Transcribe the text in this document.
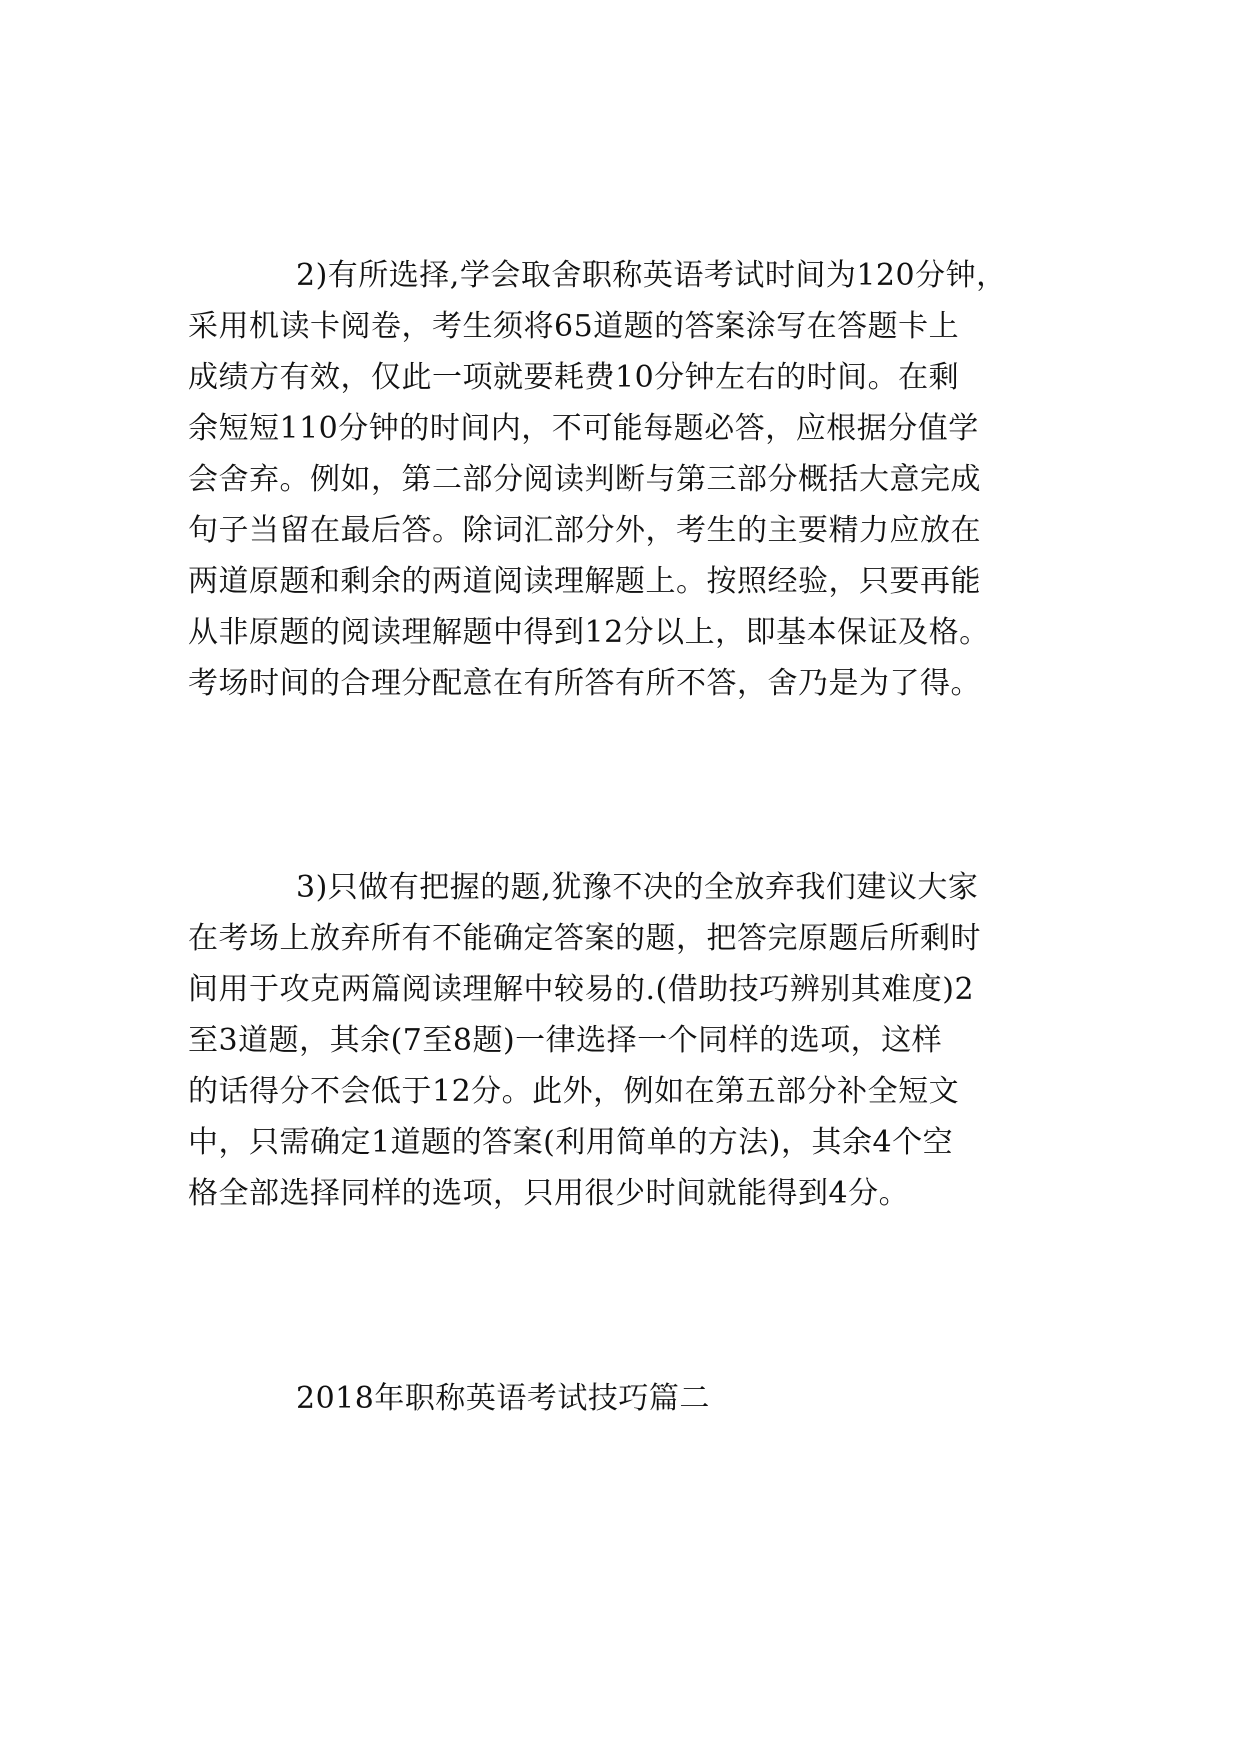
2)有所选择,学会取舍职称英语考试时间为120分钟，
采用机读卡阅卷，考生须将65道题的答案涂写在答题卡上
成绩方有效，仅此一项就要耗费10分钟左右的时间。在剩
余短短110分钟的时间内，不可能每题必答，应根据分值学
会舍弃。例如，第二部分阅读判断与第三部分概括大意完成
句子当留在最后答。除词汇部分外，考生的主要精力应放在
两道原题和剩余的两道阅读理解题上。按照经验，只要再能
从非原题的阅读理解题中得到12分以上，即基本保证及格。
考场时间的合理分配意在有所答有所不答，舍乃是为了得。
3)只做有把握的题,犹豫不决的全放弃我们建议大家
在考场上放弃所有不能确定答案的题，把答完原题后所剩时
间用于攻克两篇阅读理解中较易的.(借助技巧辨别其难度)2
至3道题，其余(7至8题)一律选择一个同样的选项，这样
的话得分不会低于12分。此外，例如在第五部分补全短文
中，只需确定1道题的答案(利用简单的方法)，其余4个空
格全部选择同样的选项，只用很少时间就能得到4分。
2018年职称英语考试技巧篇二
